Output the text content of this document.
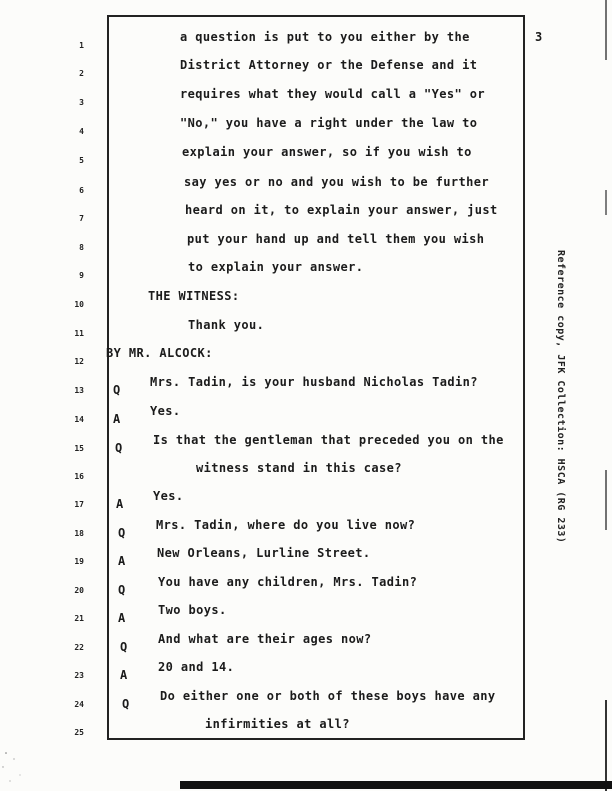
3
1
2
3
4
5
6
7
8
9
10
11
12
13
14
15
16
17
18
19
20
21
22
23
24
25
Q
A
Q
A
Q
A
Q
A
Q
A
Q
a question is put to you either by the
District Attorney or the Defense and it
requires what they would call a "Yes" or
"No," you have a right under the law to
explain your answer, so if you wish to
say yes or no and you wish to be further
heard on it, to explain your answer, just
put your hand up and tell them you wish
to explain your answer.
THE WITNESS:
Thank you.
BY MR. ALCOCK:
Mrs. Tadin, is your husband Nicholas Tadin?
Yes.
Is that the gentleman that preceded you on the
witness stand in this case?
Yes.
Mrs. Tadin, where do you live now?
New Orleans, Lurline Street.
You have any children, Mrs. Tadin?
Two boys.
And what are their ages now?
20 and 14.
Do either one or both of these boys have any
infirmities at all?
Reference copy, JFK Collection: HSCA (RG 233)
